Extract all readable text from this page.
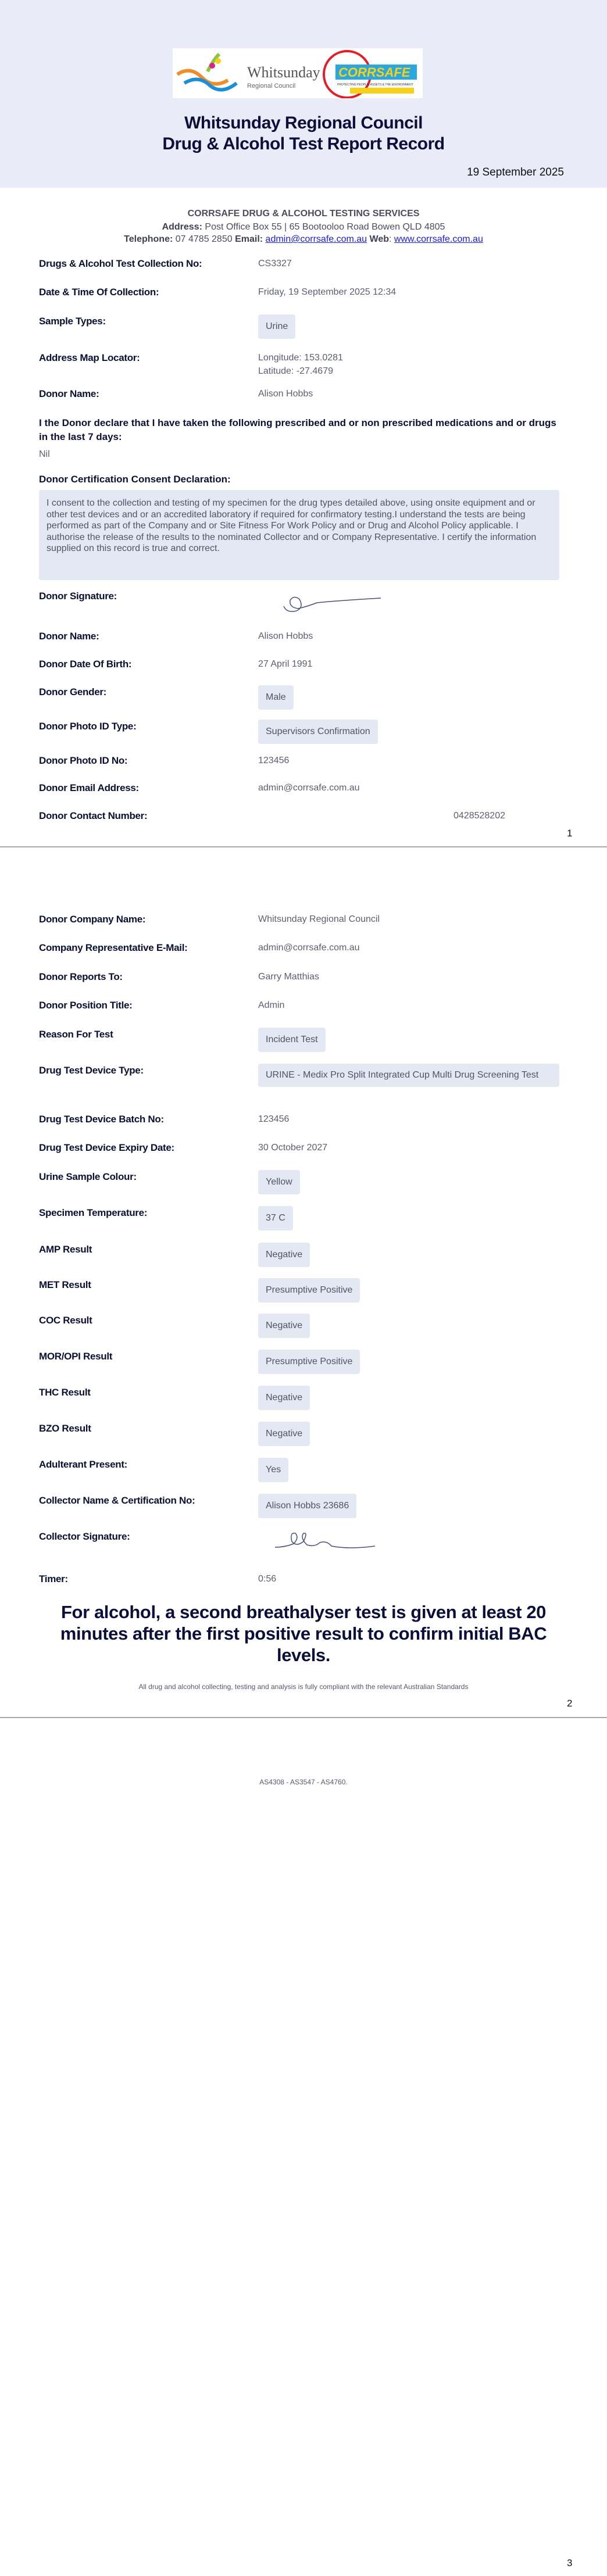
Whitsunday
Regional Council
CORRSAFE
PROTECTING PEOPLE, ASSETS & THE ENVIRONMENT
Whitsunday Regional Council
Drug & Alcohol Test Report Record
19 September 2025
CORRSAFE DRUG & ALCOHOL TESTING SERVICES
Address: Post Office Box 55 | 65 Bootooloo Road Bowen QLD 4805
Telephone: 07 4785 2850 Email: admin@corrsafe.com.au Web: www.corrsafe.com.au
Drugs & Alcohol Test Collection No:	CS3327
Date & Time Of Collection:	Friday, 19 September 2025 12:34
Sample Types:	Urine
Address Map Locator:	Longitude: 153.0281
Latitude: -27.4679
Donor Name:	Alison Hobbs
I the Donor declare that I have taken the following prescribed and or non prescribed medications and or drugs in the last 7 days:
Nil
Donor Certification Consent Declaration:
I consent to the collection and testing of my specimen for the drug types detailed above, using onsite equipment and or other test devices and or an accredited laboratory if required for confirmatory testing.I understand the tests are being performed as part of the Company and or Site Fitness For Work Policy and or Drug and Alcohol Policy applicable. I authorise the release of the results to the nominated Collector and or Company Representative. I certify the information supplied on this record is true and correct.
Donor Signature:
Donor Name:	Alison Hobbs
Donor Date Of Birth:	27 April 1991
Donor Gender:	Male
Donor Photo ID Type:	Supervisors Confirmation
Donor Photo ID No:	123456
Donor Email Address:	admin@corrsafe.com.au
Donor Contact Number:	0428528202
1
Donor Company Name:	Whitsunday Regional Council
Company Representative E-Mail:	admin@corrsafe.com.au
Donor Reports To:	Garry Matthias
Donor Position Title:	Admin
Reason For Test	Incident Test
Drug Test Device Type:	URINE - Medix Pro Split Integrated Cup Multi Drug Screening Test
Drug Test Device Batch No:	123456
Drug Test Device Expiry Date:	30 October 2027
Urine Sample Colour:	Yellow
Specimen Temperature:	37 C
AMP Result	Negative
MET Result	Presumptive Positive
COC Result	Negative
MOR/OPI Result	Presumptive Positive
THC Result	Negative
BZO Result	Negative
Adulterant Present:	Yes
Collector Name & Certification No:	Alison Hobbs 23686
Collector Signature:
Timer:	0:56
For alcohol, a second breathalyser test is given at least 20 minutes after the first positive result to confirm initial BAC levels.
All drug and alcohol collecting, testing and analysis is fully compliant with the relevant Australian Standards
2
AS4308 - AS3547 - AS4760.
3
